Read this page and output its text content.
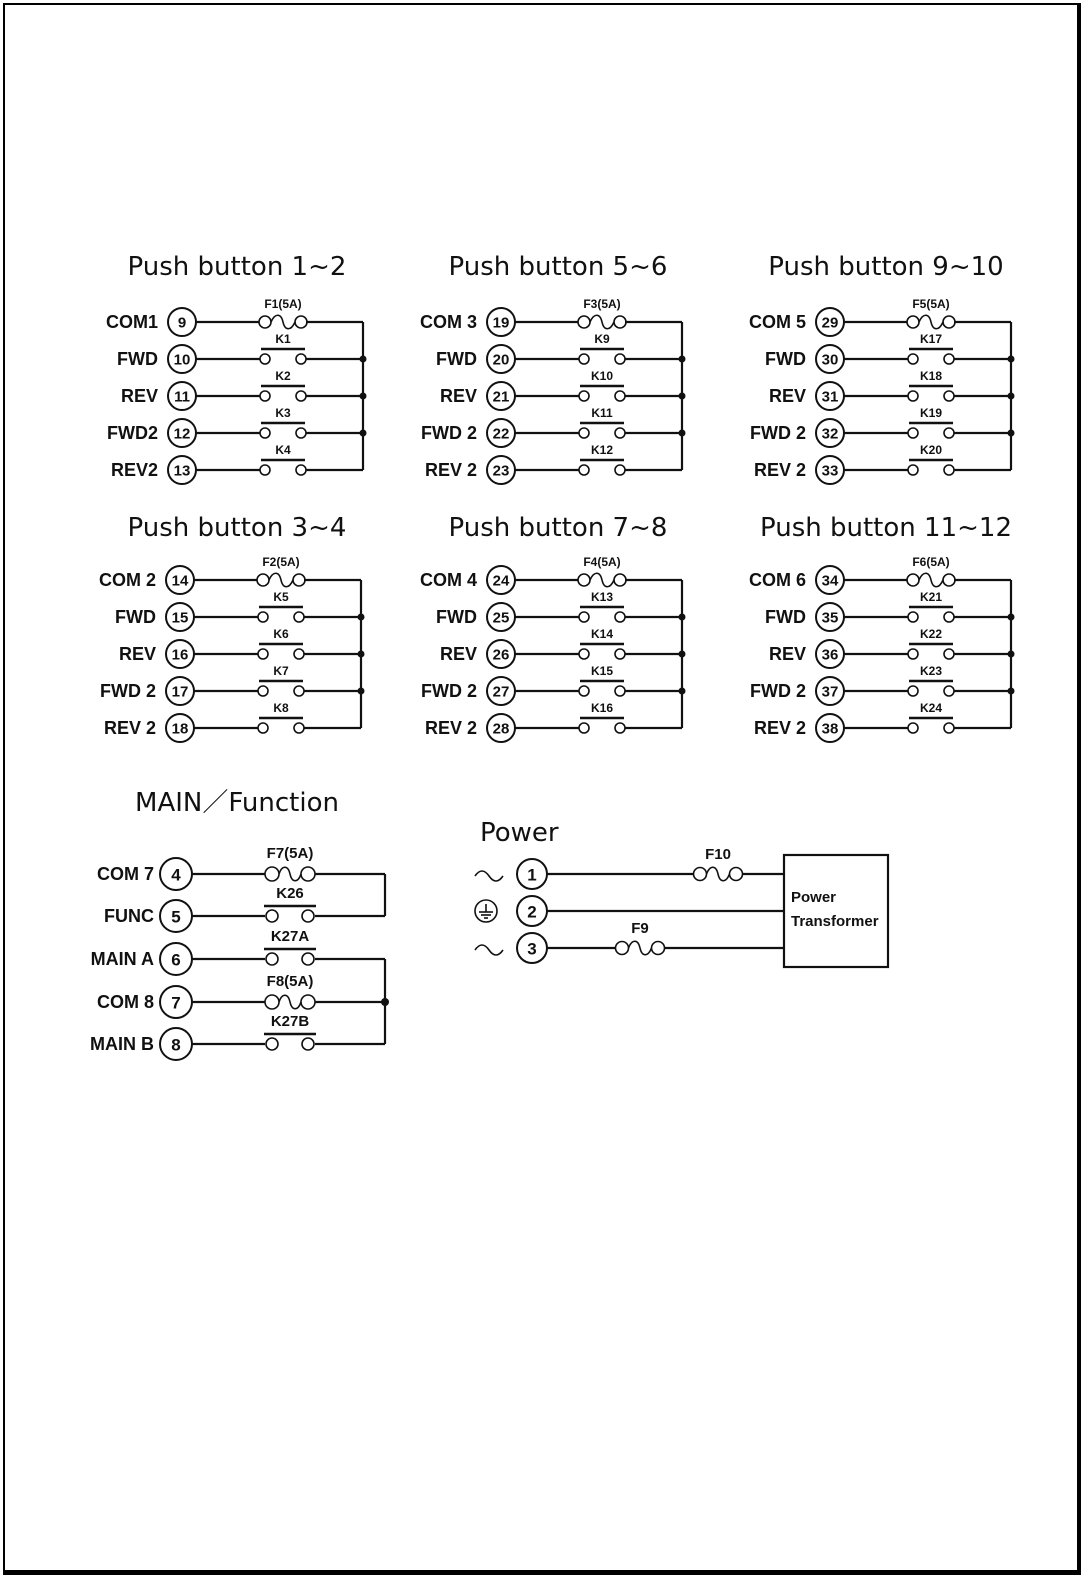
Push button 1~2
COM1 9
F1(5A)
FWD 10
K1
REV 11
K2
FWD2 12
K3
REV2 13
K4
Push button 5~6
COM 3 19
F3(5A)
FWD 20
K9
REV 21
K10
FWD 2 22
K11
REV 2 23
K12
Push button 9~10
COM 5 29
F5(5A)
FWD 30
K17
REV 31
K18
FWD 2 32
K19
REV 2 33
K20
Push button 3~4
COM 2 14
F2(5A)
FWD 15
K5
REV 16
K6
FWD 2 17
K7
REV 2 18
K8
Push button 7~8
COM 4 24
F4(5A)
FWD 25
K13
REV 26
K14
FWD 2 27
K15
REV 2 28
K16
Push button 11~12
COM 6 34
F6(5A)
FWD 35
K21
REV 36
K22
FWD 2 37
K23
REV 2 38
K24
MAIN／Function
COM 7 4
F7(5A)
FUNC 5
K26
MAIN A 6
K27A
COM 8 7
F8(5A)
MAIN B 8
K27B
Power
1
F10
2
3
F9
Power
Transformer
